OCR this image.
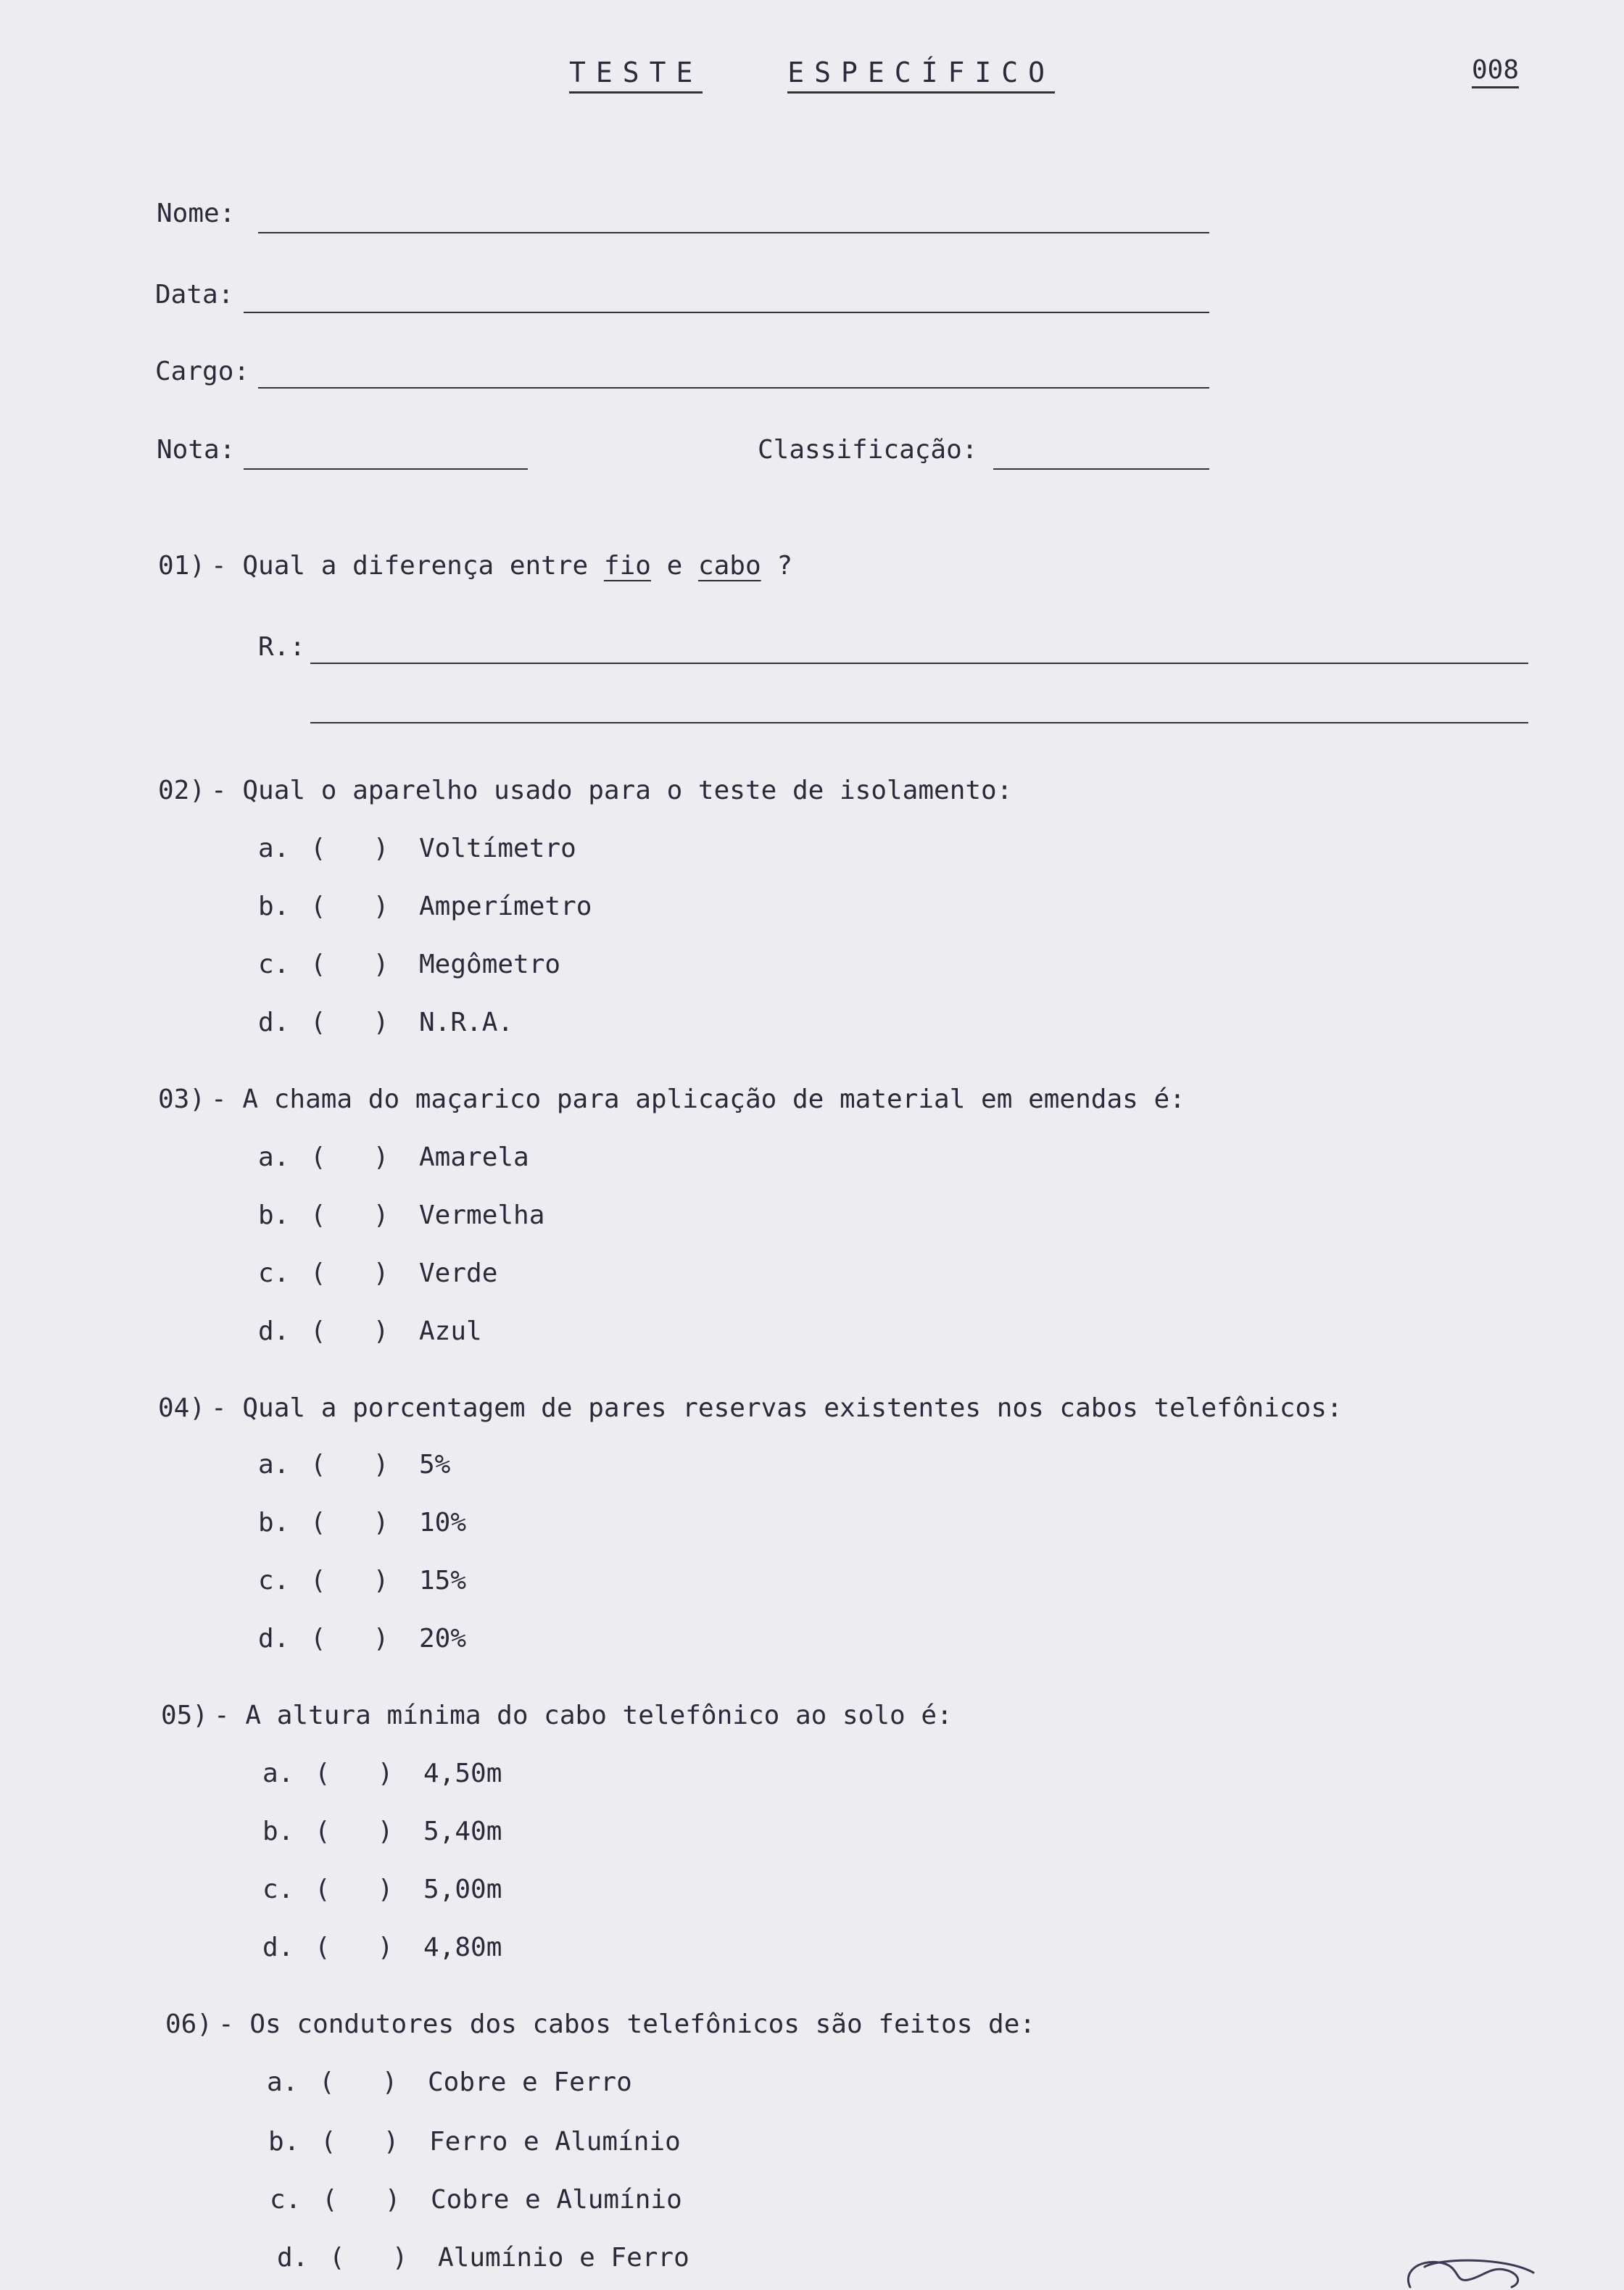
TESTE	ESPECÍFICO	008
Nome:
Data:
Cargo:
Nota:	Classificação:
01) - Qual a diferença entre fio e cabo ?
R.:
02) - Qual o aparelho usado para o teste de isolamento:
a. (   ) Voltímetro
b. (   ) Amperímetro
c. (   ) Megômetro
d. (   ) N.R.A.
03) - A chama do maçarico para aplicação de material em emendas é:
a. (   ) Amarela
b. (   ) Vermelha
c. (   ) Verde
d. (   ) Azul
04) - Qual a porcentagem de pares reservas existentes nos cabos telefônicos:
a. (   ) 5%
b. (   ) 10%
c. (   ) 15%
d. (   ) 20%
05) - A altura mínima do cabo telefônico ao solo é:
a. (   ) 4,50m
b. (   ) 5,40m
c. (   ) 5,00m
d. (   ) 4,80m
06) - Os condutores dos cabos telefônicos são feitos de:
a. (   ) Cobre e Ferro
b. (   ) Ferro e Alumínio
c. (   ) Cobre e Alumínio
d. (   ) Alumínio e Ferro
